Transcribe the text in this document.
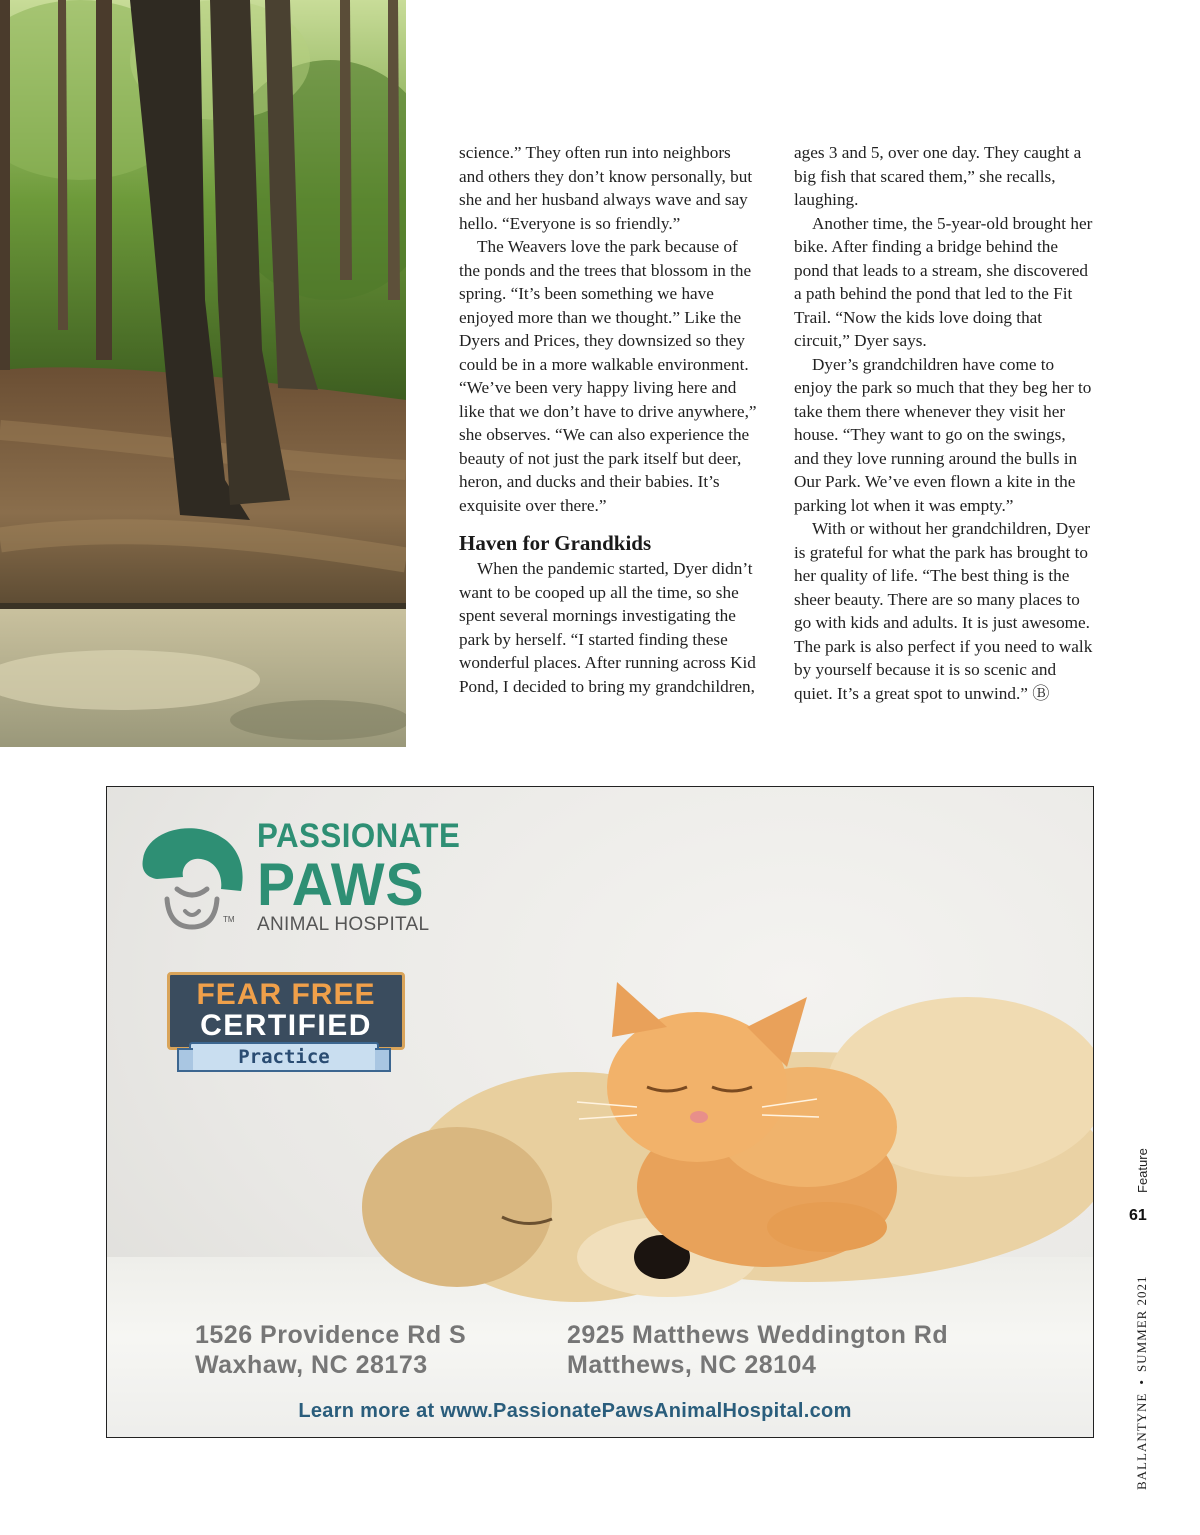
science.” They often run into neighbors and others they don’t know personally, but she and her husband always wave and say hello. “Everyone is so friendly.”

The Weavers love the park because of the ponds and the trees that blossom in the spring. “It’s been something we have enjoyed more than we thought.” Like the Dyers and Prices, they downsized so they could be in a more walkable environment. “We’ve been very happy living here and like that we don’t have to drive anywhere,” she observes. “We can also experience the beauty of not just the park itself but deer, heron, and ducks and their babies. It’s exquisite over there.”

Haven for Grandkids

When the pandemic started, Dyer didn’t want to be cooped up all the time, so she spent several mornings investigating the park by herself. “I started finding these wonderful places. After running across Kid Pond, I decided to bring my grandchildren,

ages 3 and 5, over one day. They caught a big fish that scared them,” she recalls, laughing.

Another time, the 5-year-old brought her bike. After finding a bridge behind the pond that leads to a stream, she discovered a path behind the pond that led to the Fit Trail. “Now the kids love doing that circuit,” Dyer says.

Dyer’s grandchildren have come to enjoy the park so much that they beg her to take them there whenever they visit her house. “They want to go on the swings, and they love running around the bulls in Our Park. We’ve even flown a kite in the parking lot when it was empty.”

With or without her grandchildren, Dyer is grateful for what the park has brought to her quality of life. “The best thing is the sheer beauty. There are so many places to go with kids and adults. It is just awesome. The park is also perfect if you need to walk by yourself because it is so scenic and quiet. It’s a great spot to unwind.” Ⓑ

TM
PASSIONATE
PAWS
ANIMAL HOSPITAL
FEAR FREE
CERTIFIED
Practice
1526 Providence Rd S
Waxhaw, NC 28173
2925 Matthews Weddington Rd
Matthews, NC 28104
Learn more at www.PassionatePawsAnimalHospital.com
Feature
61
BALLANTYNE•SUMMER 2021
